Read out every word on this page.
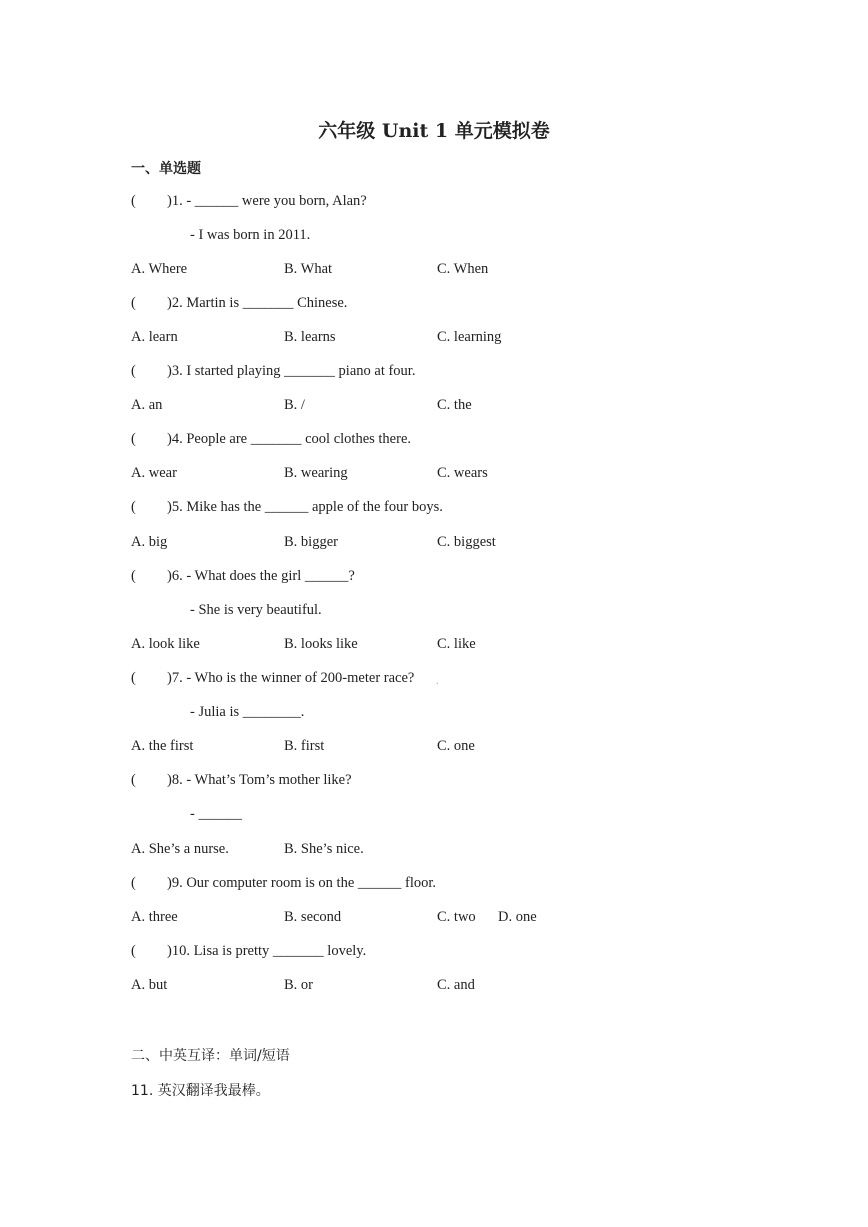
六年级 Unit 1 单元模拟卷
一、单选题
( )1. - ______ were you born, Alan?
- I was born in 2011.
A. Where	B. What	C. When
( )2. Martin is _______ Chinese.
A. learn	B. learns	C. learning
( )3. I started playing _______ piano at four.
A. an	B. /	C. the
( )4. People are _______ cool clothes there.
A. wear	B. wearing	C. wears
( )5. Mike has the ______ apple of the four boys.
A. big	B. bigger	C. biggest
( )6. - What does the girl ______?
- She is very beautiful.
A. look like	B. looks like	C. like
( )7. - Who is the winner of 200-meter race? .
- Julia is ________.
A. the first	B. first	C. one
( )8. - What’s Tom’s mother like?
- ______
A. She’s a nurse.	B. She’s nice.
( )9. Our computer room is on the ______ floor.
A. three	B. second	C. two D. one
( )10. Lisa is pretty _______ lovely.
A. but	B. or	C. and
二、中英互译：单词/短语
11. 英汉翻译我最棒。
